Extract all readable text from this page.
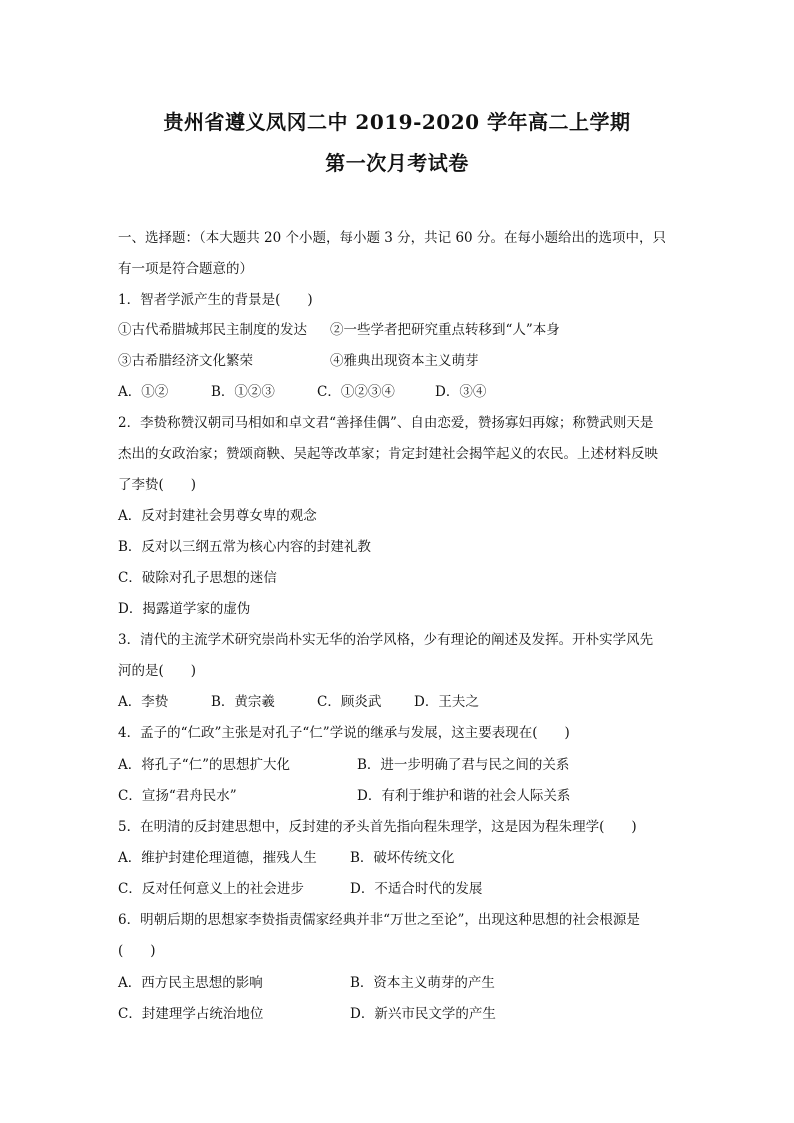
贵州省遵义凤冈二中 2019-2020 学年高二上学期
第一次月考试卷
一、选择题：（本大题共 20 个小题，每小题 3 分，共记 60 分。在每小题给出的选项中，只
有一项是符合题意的）
1．智者学派产生的背景是(　　)
①古代希腊城邦民主制度的发达 ②一些学者把研究重点转移到“人”本身
③古希腊经济文化繁荣	④雅典出现资本主义萌芽
A．①②	B．①②③	C．①②③④	D．③④
2．李贽称赞汉朝司马相如和卓文君“善择佳偶”、自由恋爱，赞扬寡妇再嫁；称赞武则天是
杰出的女政治家；赞颂商鞅、吴起等改革家；肯定封建社会揭竿起义的农民。上述材料反映
了李贽(　　)
A．反对封建社会男尊女卑的观念
B．反对以三纲五常为核心内容的封建礼教
C．破除对孔子思想的迷信
D．揭露道学家的虚伪
3．清代的主流学术研究崇尚朴实无华的治学风格，少有理论的阐述及发挥。开朴实学风先
河的是(　　)
A．李贽	B．黄宗羲	C．顾炎武 D．王夫之
4．孟子的“仁政”主张是对孔子“仁”学说的继承与发展，这主要表现在(　　)
A．将孔子“仁”的思想扩大化	B．进一步明确了君与民之间的关系
C．宣扬“君舟民水”	D．有利于维护和谐的社会人际关系
5．在明清的反封建思想中，反封建的矛头首先指向程朱理学，这是因为程朱理学(　　)
A．维护封建伦理道德，摧残人生 B．破坏传统文化
C．反对任何意义上的社会进步	D．不适合时代的发展
6．明朝后期的思想家李贽指责儒家经典并非“万世之至论”，出现这种思想的社会根源是
(　　)
A．西方民主思想的影响	B．资本主义萌芽的产生
C．封建理学占统治地位	D．新兴市民文学的产生
